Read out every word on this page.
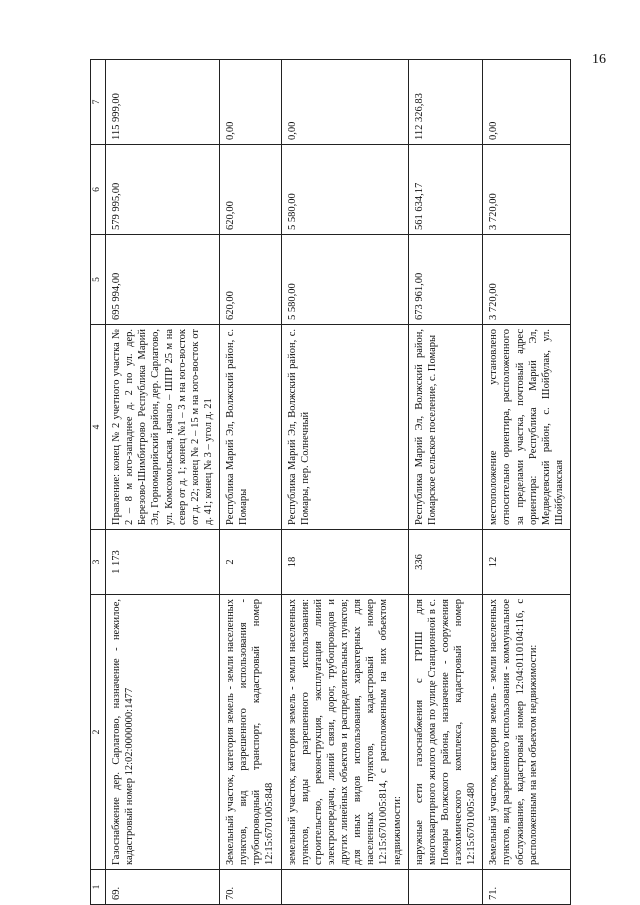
16
1	2	3	4	5	6	7
69.	Газоснабжение дер. Сарлатово, назначение - нежилое, кадастровый номер 12:02:0000000:1477	1 173	Правление: конец № 2 учетного участка № 2 – 8 м юго-западнее д. 2 по ул. дер. Березово-Шимбитрово Республика Марий Эл, Горномарийский район, дер. Сарлатово, ул. Комсомольская, начало – ШПР 25 м на север от д. 1; конец №1 – 3 м на юго-восток от д. 22; конец № 2 – 15 м на юго-восток от д. 41; конец № 3 – угол д. 21	695 994,00	579 995,00	115 999,00
70.	Земельный участок, категория земель - земли населенных пунктов, вид разрешенного использования - трубопроводный транспорт, кадастровый номер 12:15:6701005:848	2	Республика Марий Эл, Волжский район, с. Помары	620,00	620,00	0,00
	земельный участок, категория земель - земли населенных пунктов, виды разрешенного использования: строительство, реконструкция, эксплуатация линий электропередачи, линий связи, дорог, трубопроводов и других линейных объектов и распределительных пунктов; для иных видов использования, характерных для населенных пунктов, кадастровый номер 12:15:6701005:814, с расположенным на них объектом недвижимости:	18	Республика Марий Эл, Волжский район, с. Помары, пер. Солнечный	5 580,00	5 580,00	0,00
	наружные сети газоснабжения с ГРПШ для многоквартирного жилого дома по улице Станционной в с. Помары Волжского района, назначение - сооружения газохимического комплекса, кадастровый номер 12:15:6701005:480	336	Республика Марий Эл, Волжский район, Помарское сельское поселение, с. Помары	673 961,00	561 634,17	112 326,83
71.	Земельный участок, категория земель - земли населенных пунктов, вид разрешенного использования - коммунальное обслуживание, кадастровый номер 12:04:0110104:116, с расположенным на нем объектом недвижимости:	12	местоположение установлено относительно ориентира, расположенного за пределами участка, почтовый адрес ориентира: Республика Марий Эл, Медведевский район, с. Шойбулак, ул. Шойбулакская	3 720,00	3 720,00	0,00
